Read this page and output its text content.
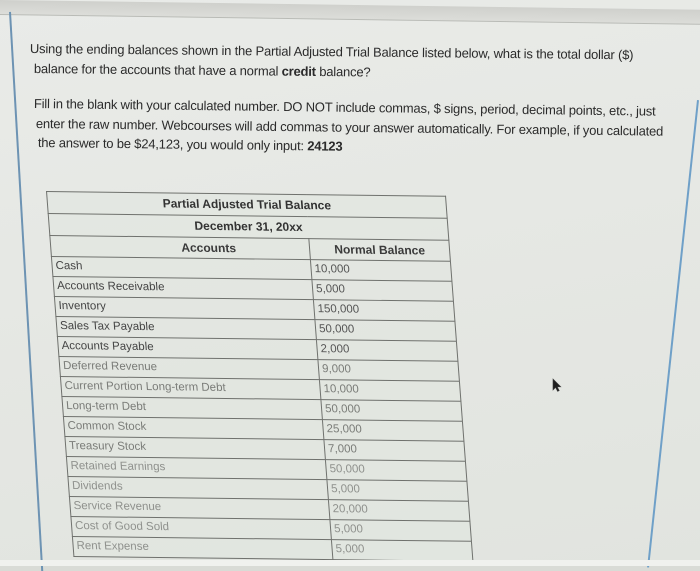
Using the ending balances shown in the Partial Adjusted Trial Balance listed below, what is the total dollar ($)
balance for the accounts that have a normal credit balance?
Fill in the blank with your calculated number. DO NOT include commas, $ signs, period, decimal points, etc., just
enter the raw number. Webcourses will add commas to your answer automatically. For example, if you calculated
the answer to be $24,123, you would only input: 24123
Partial Adjusted Trial Balance	
December 31, 20xx	
Accounts	Normal Balance
Cash	10,000
Accounts Receivable	5,000
Inventory	150,000
Sales Tax Payable	50,000
Accounts Payable	2,000
Deferred Revenue	9,000
Current Portion Long-term Debt	10,000
Long-term Debt	50,000
Common Stock	25,000
Treasury Stock	7,000
Retained Earnings	50,000
Dividends	5,000
Service Revenue	20,000
Cost of Good Sold	5,000
Rent Expense	5,000
